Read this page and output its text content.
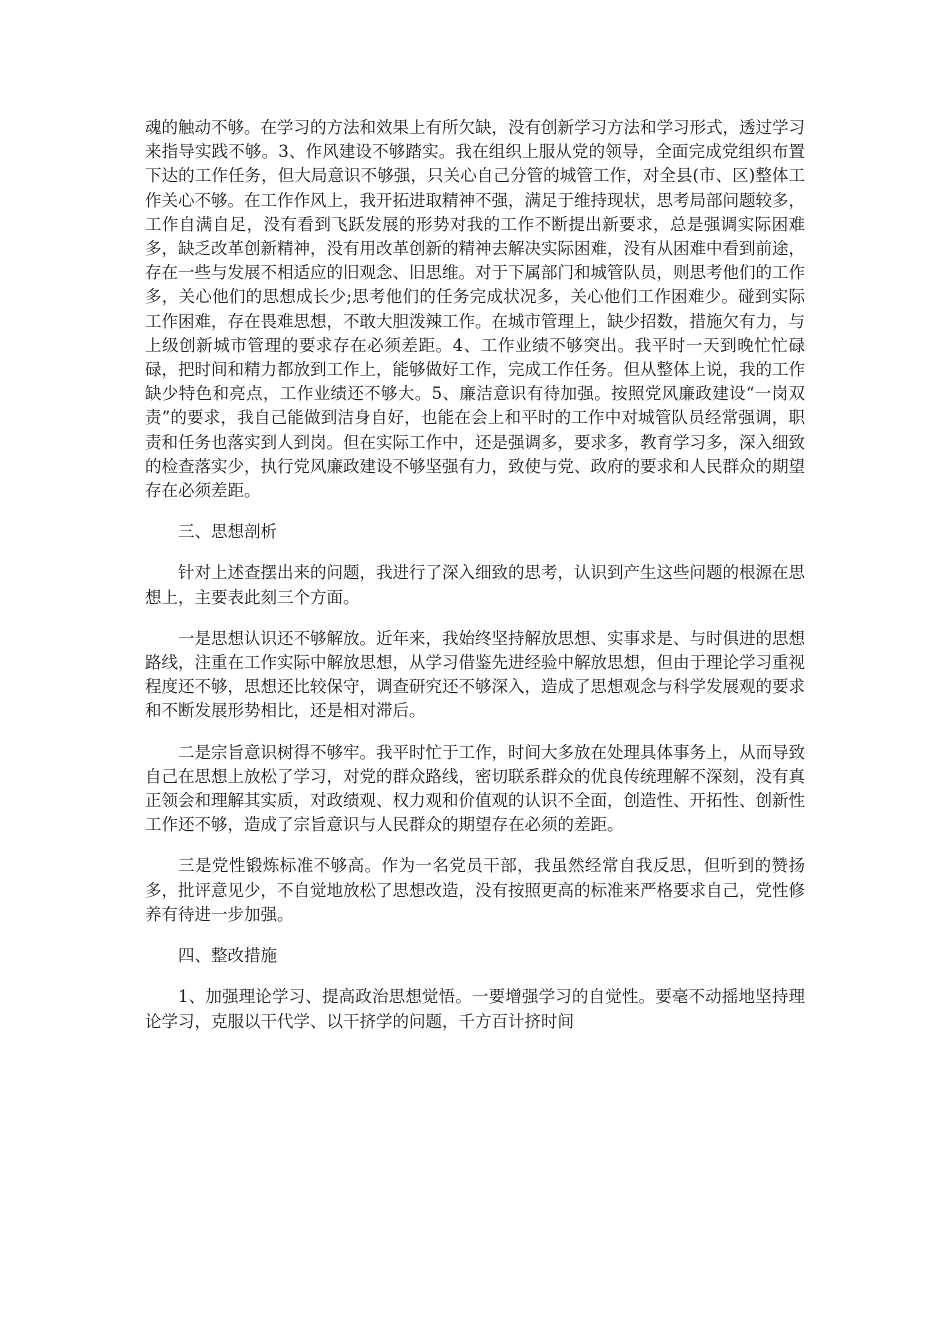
魂的触动不够。在学习的方法和效果上有所欠缺，没有创新学习方法和学习形式，透过学习来指导实践不够。3、作风建设不够踏实。我在组织上服从党的领导，全面完成党组织布置下达的工作任务，但大局意识不够强，只关心自己分管的城管工作，对全县(市、区)整体工作关心不够。在工作作风上，我开拓进取精神不强，满足于维持现状，思考局部问题较多，工作自满自足，没有看到飞跃发展的形势对我的工作不断提出新要求，总是强调实际困难多，缺乏改革创新精神，没有用改革创新的精神去解决实际困难，没有从困难中看到前途，存在一些与发展不相适应的旧观念、旧思维。对于下属部门和城管队员，则思考他们的工作多，关心他们的思想成长少;思考他们的任务完成状况多，关心他们工作困难少。碰到实际工作困难，存在畏难思想，不敢大胆泼辣工作。在城市管理上，缺少招数，措施欠有力，与上级创新城市管理的要求存在必须差距。4、工作业绩不够突出。我平时一天到晚忙忙碌碌，把时间和精力都放到工作上，能够做好工作，完成工作任务。但从整体上说，我的工作缺少特色和亮点，工作业绩还不够大。5、廉洁意识有待加强。按照党风廉政建设“一岗双责”的要求，我自己能做到洁身自好，也能在会上和平时的工作中对城管队员经常强调，职责和任务也落实到人到岗。但在实际工作中，还是强调多，要求多，教育学习多，深入细致的检查落实少，执行党风廉政建设不够坚强有力，致使与党、政府的要求和人民群众的期望存在必须差距。

三、思想剖析

针对上述查摆出来的问题，我进行了深入细致的思考，认识到产生这些问题的根源在思想上，主要表此刻三个方面。

一是思想认识还不够解放。近年来，我始终坚持解放思想、实事求是、与时俱进的思想路线，注重在工作实际中解放思想，从学习借鉴先进经验中解放思想，但由于理论学习重视程度还不够，思想还比较保守，调查研究还不够深入，造成了思想观念与科学发展观的要求和不断发展形势相比，还是相对滞后。

二是宗旨意识树得不够牢。我平时忙于工作，时间大多放在处理具体事务上，从而导致自己在思想上放松了学习，对党的群众路线，密切联系群众的优良传统理解不深刻，没有真正领会和理解其实质，对政绩观、权力观和价值观的认识不全面，创造性、开拓性、创新性工作还不够，造成了宗旨意识与人民群众的期望存在必须的差距。

三是党性锻炼标准不够高。作为一名党员干部，我虽然经常自我反思，但听到的赞扬多，批评意见少，不自觉地放松了思想改造，没有按照更高的标准来严格要求自己，党性修养有待进一步加强。

四、整改措施

1、加强理论学习、提高政治思想觉悟。一要增强学习的自觉性。要毫不动摇地坚持理论学习，克服以干代学、以干挤学的问题，千方百计挤时间
